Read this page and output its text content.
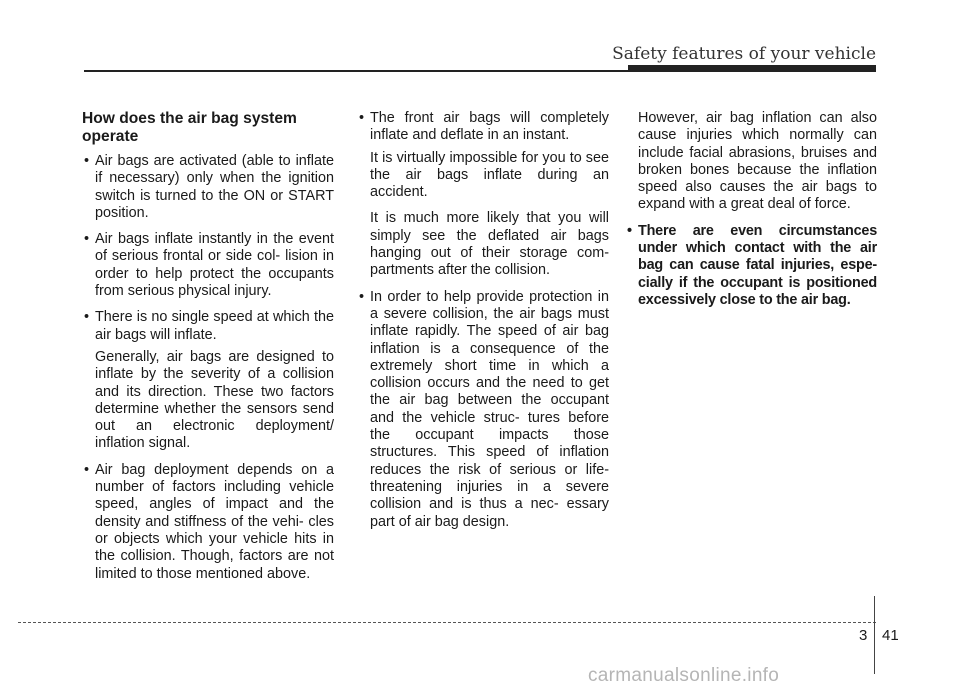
Safety features of your vehicle
How does the air bag system operate
• Air bags are activated (able to inflate if necessary) only when the ignition switch is turned to the ON or START position.
• Air bags inflate instantly in the event of serious frontal or side col- lision in order to help protect the occupants from serious physical injury.
• There is no single speed at which the air bags will inflate.

Generally, air bags are designed to inflate by the severity of a collision and its direction. These two factors determine whether the sensors send out an electronic deployment/ inflation signal.

• Air bag deployment depends on a number of factors including vehicle speed, angles of impact and the density and stiffness of the vehi- cles or objects which your vehicle hits in the collision. Though, factors are not limited to those mentioned above.
• The front air bags will completely inflate and deflate in an instant.

It is virtually impossible for you to see the air bags inflate during an accident.

It is much more likely that you will simply see the deflated air bags hanging out of their storage com- partments after the collision.

• In order to help provide protection in a severe collision, the air bags must inflate rapidly. The speed of air bag inflation is a consequence of the extremely short time in which a collision occurs and the need to get the air bag between the occupant and the vehicle struc- tures before the occupant impacts those structures. This speed of inflation reduces the risk of serious or life-threatening injuries in a severe collision and is thus a nec- essary part of air bag design.

However, air bag inflation can also cause injuries which normally can include facial abrasions, bruises and broken bones because the inflation speed also causes the air bags to expand with a great deal of force.

• There are even circumstances under which contact with the air bag can cause fatal injuries, espe- cially if the occupant is positioned excessively close to the air bag.
3 41
carmanualsonline.info
